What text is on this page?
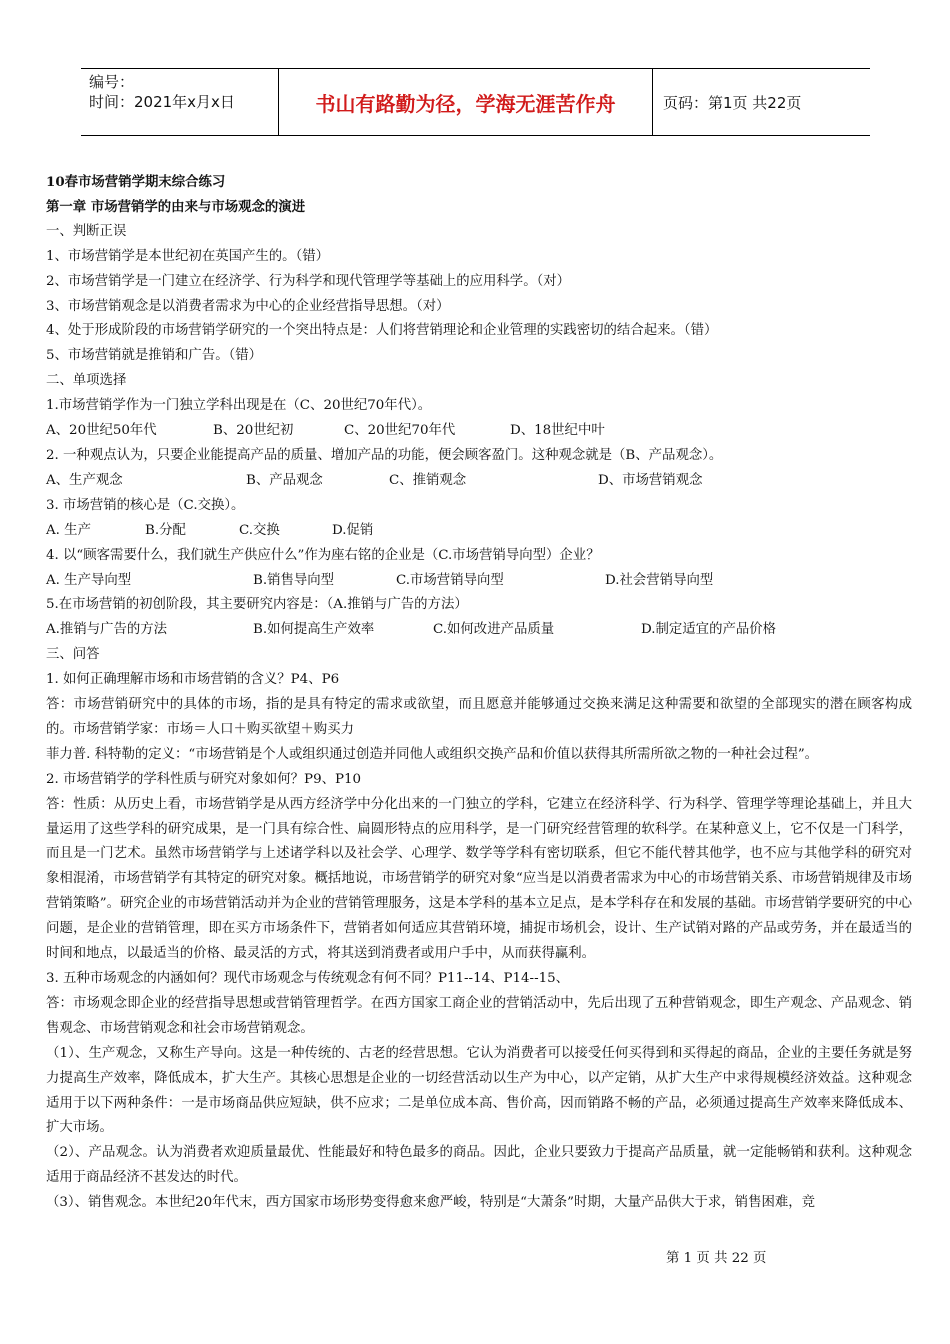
编号：
时间：2021年x月x日	书山有路勤为径，学海无涯苦作舟	页码：第1页 共22页
10春市场营销学期末综合练习
第一章 市场营销学的由来与市场观念的演进
一、判断正误
1、市场营销学是本世纪初在英国产生的。（错）
2、市场营销学是一门建立在经济学、行为科学和现代管理学等基础上的应用科学。（对）
3、市场营销观念是以消费者需求为中心的企业经营指导思想。（对）
4、处于形成阶段的市场营销学研究的一个突出特点是：人们将营销理论和企业管理的实践密切的结合起来。（错）
5、市场营销就是推销和广告。（错）
二、单项选择
1.市场营销学作为一门独立学科出现是在（C、20世纪70年代）。
A、20世纪50年代	B、20世纪初	C、20世纪70年代	D、18世纪中叶
2. 一种观点认为，只要企业能提高产品的质量、增加产品的功能，便会顾客盈门。这种观念就是（B、产品观念）。
A、生产观念	B、产品观念	C、推销观念	D、市场营销观念
3. 市场营销的核心是（C.交换）。
A. 生产	B.分配	C.交换	D.促销
4. 以“顾客需要什么，我们就生产供应什么”作为座右铭的企业是（C.市场营销导向型）企业？
A. 生产导向型	B.销售导向型	C.市场营销导向型	D.社会营销导向型
5.在市场营销的初创阶段，其主要研究内容是：（A.推销与广告的方法）
A.推销与广告的方法	B.如何提高生产效率	C.如何改进产品质量	D.制定适宜的产品价格
三、问答
1. 如何正确理解市场和市场营销的含义？P4、P6
答：市场营销研究中的具体的市场，指的是具有特定的需求或欲望，而且愿意并能够通过交换来满足这种需要和欲望的全部现实的潜在顾客构成的。市场营销学家：市场＝人口＋购买欲望＋购买力
菲力普. 科特勒的定义：“市场营销是个人或组织通过创造并同他人或组织交换产品和价值以获得其所需所欲之物的一种社会过程”。
2. 市场营销学的学科性质与研究对象如何？P9、P10
答：性质：从历史上看，市场营销学是从西方经济学中分化出来的一门独立的学科，它建立在经济科学、行为科学、管理学等理论基础上，并且大量运用了这些学科的研究成果，是一门具有综合性、扁圆形特点的应用科学，是一门研究经营管理的软科学。在某种意义上，它不仅是一门科学，而且是一门艺术。虽然市场营销学与上述诸学科以及社会学、心理学、数学等学科有密切联系，但它不能代替其他学，也不应与其他学科的研究对象相混淆，市场营销学有其特定的研究对象。概括地说，市场营销学的研究对象“应当是以消费者需求为中心的市场营销关系、市场营销规律及市场营销策略”。研究企业的市场营销活动并为企业的营销管理服务，这是本学科的基本立足点，是本学科存在和发展的基础。市场营销学要研究的中心问题，是企业的营销管理，即在买方市场条件下，营销者如何适应其营销环境，捕捉市场机会，设计、生产试销对路的产品或劳务，并在最适当的时间和地点，以最适当的价格、最灵活的方式，将其送到消费者或用户手中，从而获得赢利。
3. 五种市场观念的内涵如何？现代市场观念与传统观念有何不同？P11--14、P14--15、
答：市场观念即企业的经营指导思想或营销管理哲学。在西方国家工商企业的营销活动中，先后出现了五种营销观念，即生产观念、产品观念、销售观念、市场营销观念和社会市场营销观念。
（1）、生产观念，又称生产导向。这是一种传统的、古老的经营思想。它认为消费者可以接受任何买得到和买得起的商品，企业的主要任务就是努力提高生产效率，降低成本，扩大生产。其核心思想是企业的一切经营活动以生产为中心，以产定销，从扩大生产中求得规模经济效益。这种观念适用于以下两种条件：一是市场商品供应短缺，供不应求；二是单位成本高、售价高，因而销路不畅的产品，必须通过提高生产效率来降低成本、扩大市场。
（2）、产品观念。认为消费者欢迎质量最优、性能最好和特色最多的商品。因此，企业只要致力于提高产品质量，就一定能畅销和获利。这种观念适用于商品经济不甚发达的时代。
（3）、销售观念。本世纪20年代末，西方国家市场形势变得愈来愈严峻，特别是“大萧条”时期，大量产品供大于求，销售困难，竞
第 1 页 共 22 页
